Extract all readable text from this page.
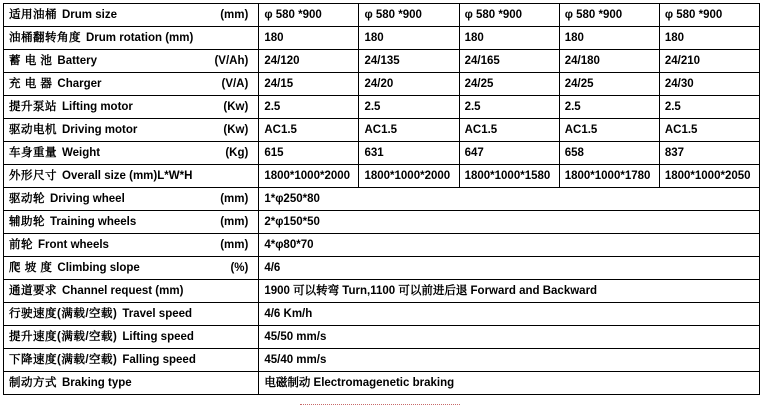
适用油桶 Drum size (mm)	φ 580 *900	φ 580 *900	φ 580 *900	φ 580 *900	φ 580 *900
油桶翻转角度 Drum rotation (mm)	180	180	180	180	180
蓄 电 池 Battery (V/Ah)	24/120	24/135	24/165	24/180	24/210
充 电 器 Charger (V/A)	24/15	24/20	24/25	24/25	24/30
提升泵站 Lifting motor (Kw)	2.5	2.5	2.5	2.5	2.5
驱动电机 Driving motor (Kw)	AC1.5	AC1.5	AC1.5	AC1.5	AC1.5
车身重量 Weight (Kg)	615	631	647	658	837
外形尺寸 Overall size (mm)L*W*H	1800*1000*2000	1800*1000*2000	1800*1000*1580	1800*1000*1780	1800*1000*2050
驱动轮 Driving wheel (mm)	1*φ250*80				
辅助轮 Training wheels (mm)	2*φ150*50				
前轮 Front wheels (mm)	4*φ80*70				
爬 坡 度 Climbing slope (%)	4/6				
通道要求 Channel request (mm)	1900 可以转弯 Turn,1100 可以前进后退 Forward and Backward				
行驶速度(满载/空载) Travel speed	4/6 Km/h				
提升速度(满载/空载) Lifting speed	45/50 mm/s				
下降速度(满载/空载) Falling speed	45/40 mm/s				
制动方式 Braking type	电磁制动 Electromagenetic braking				
